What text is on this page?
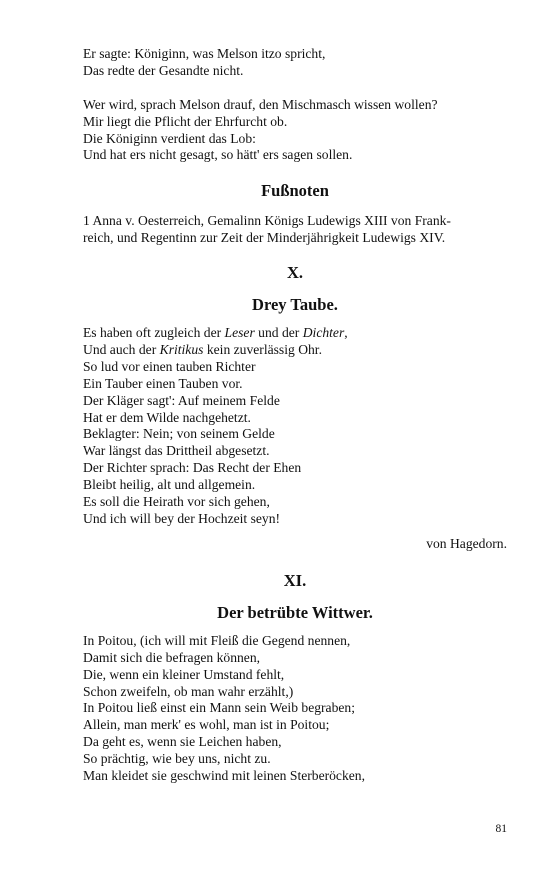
Er sagte: Königinn, was Melson itzo spricht,
Das redte der Gesandte nicht.
Wer wird, sprach Melson drauf, den Mischmasch wissen wollen?
Mir liegt die Pflicht der Ehrfurcht ob.
Die Königinn verdient das Lob:
Und hat ers nicht gesagt, so hätt' ers sagen sollen.
Fußnoten
1 Anna v. Oesterreich, Gemalinn Königs Ludewigs XIII von Frank-
reich, und Regentinn zur Zeit der Minderjährigkeit Ludewigs XIV.
X.
Drey Taube.
Es haben oft zugleich der Leser und der Dichter,
Und auch der Kritikus kein zuverlässig Ohr.
So lud vor einen tauben Richter
Ein Tauber einen Tauben vor.
Der Kläger sagt': Auf meinem Felde
Hat er dem Wilde nachgehetzt.
Beklagter: Nein; von seinem Gelde
War längst das Drittheil abgesetzt.
Der Richter sprach: Das Recht der Ehen
Bleibt heilig, alt und allgemein.
Es soll die Heirath vor sich gehen,
Und ich will bey der Hochzeit seyn!
von Hagedorn.
XI.
Der betrübte Wittwer.
In Poitou, (ich will mit Fleiß die Gegend nennen,
Damit sich die befragen können,
Die, wenn ein kleiner Umstand fehlt,
Schon zweifeln, ob man wahr erzählt,)
In Poitou ließ einst ein Mann sein Weib begraben;
Allein, man merk' es wohl, man ist in Poitou;
Da geht es, wenn sie Leichen haben,
So prächtig, wie bey uns, nicht zu.
Man kleidet sie geschwind mit leinen Sterberöcken,
81
